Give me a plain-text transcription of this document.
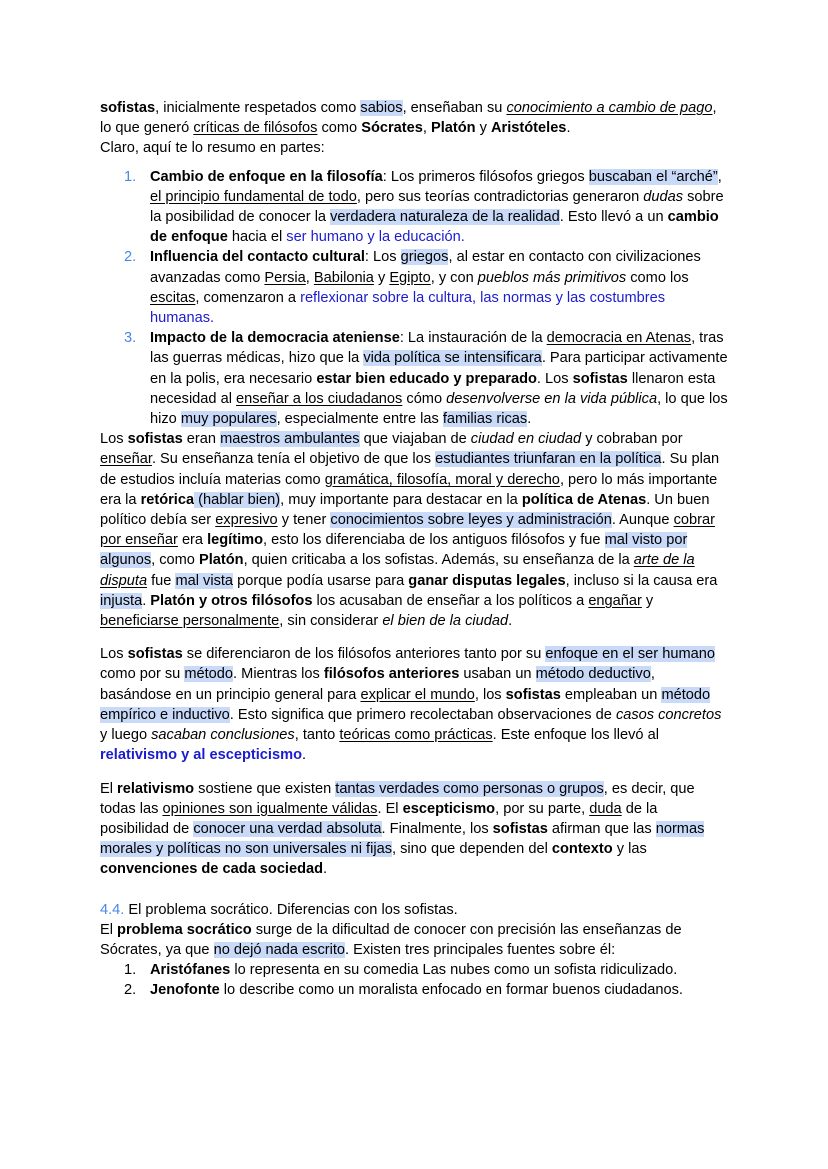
sofistas, inicialmente respetados como sabios, enseñaban su conocimiento a cambio de pago, lo que generó críticas de filósofos como Sócrates, Platón y Aristóteles.

Claro, aquí te lo resumo en partes:

1. Cambio de enfoque en la filosofía: Los primeros filósofos griegos buscaban el “arché”, el principio fundamental de todo, pero sus teorías contradictorias generaron dudas sobre la posibilidad de conocer la verdadera naturaleza de la realidad. Esto llevó a un cambio de enfoque hacia el ser humano y la educación.
2. Influencia del contacto cultural: Los griegos, al estar en contacto con civilizaciones avanzadas como Persia, Babilonia y Egipto, y con pueblos más primitivos como los escitas, comenzaron a reflexionar sobre la cultura, las normas y las costumbres humanas.
3. Impacto de la democracia ateniense: La instauración de la democracia en Atenas, tras las guerras médicas, hizo que la vida política se intensificara. Para participar activamente en la polis, era necesario estar bien educado y preparado. Los sofistas llenaron esta necesidad al enseñar a los ciudadanos cómo desenvolverse en la vida pública, lo que los hizo muy populares, especialmente entre las familias ricas.

Los sofistas eran maestros ambulantes que viajaban de ciudad en ciudad y cobraban por enseñar. Su enseñanza tenía el objetivo de que los estudiantes triunfaran en la política. Su plan de estudios incluía materias como gramática, filosofía, moral y derecho, pero lo más importante era la retórica (hablar bien), muy importante para destacar en la política de Atenas. Un buen político debía ser expresivo y tener conocimientos sobre leyes y administración. Aunque cobrar por enseñar era legítimo, esto los diferenciaba de los antiguos filósofos y fue mal visto por algunos, como Platón, quien criticaba a los sofistas. Además, su enseñanza de la arte de la disputa fue mal vista porque podía usarse para ganar disputas legales, incluso si la causa era injusta. Platón y otros filósofos los acusaban de enseñar a los políticos a engañar y beneficiarse personalmente, sin considerar el bien de la ciudad.

Los sofistas se diferenciaron de los filósofos anteriores tanto por su enfoque en el ser humano como por su método. Mientras los filósofos anteriores usaban un método deductivo, basándose en un principio general para explicar el mundo, los sofistas empleaban un método empírico e inductivo. Esto significa que primero recolectaban observaciones de casos concretos y luego sacaban conclusiones, tanto teóricas como prácticas. Este enfoque los llevó al relativismo y al escepticismo.

El relativismo sostiene que existen tantas verdades como personas o grupos, es decir, que todas las opiniones son igualmente válidas. El escepticismo, por su parte, duda de la posibilidad de conocer una verdad absoluta. Finalmente, los sofistas afirman que las normas morales y políticas no son universales ni fijas, sino que dependen del contexto y las convenciones de cada sociedad.

4.4. El problema socrático. Diferencias con los sofistas.

El problema socrático surge de la dificultad de conocer con precisión las enseñanzas de Sócrates, ya que no dejó nada escrito. Existen tres principales fuentes sobre él:

1. Aristófanes lo representa en su comedia Las nubes como un sofista ridiculizado.
2. Jenofonte lo describe como un moralista enfocado en formar buenos ciudadanos.
